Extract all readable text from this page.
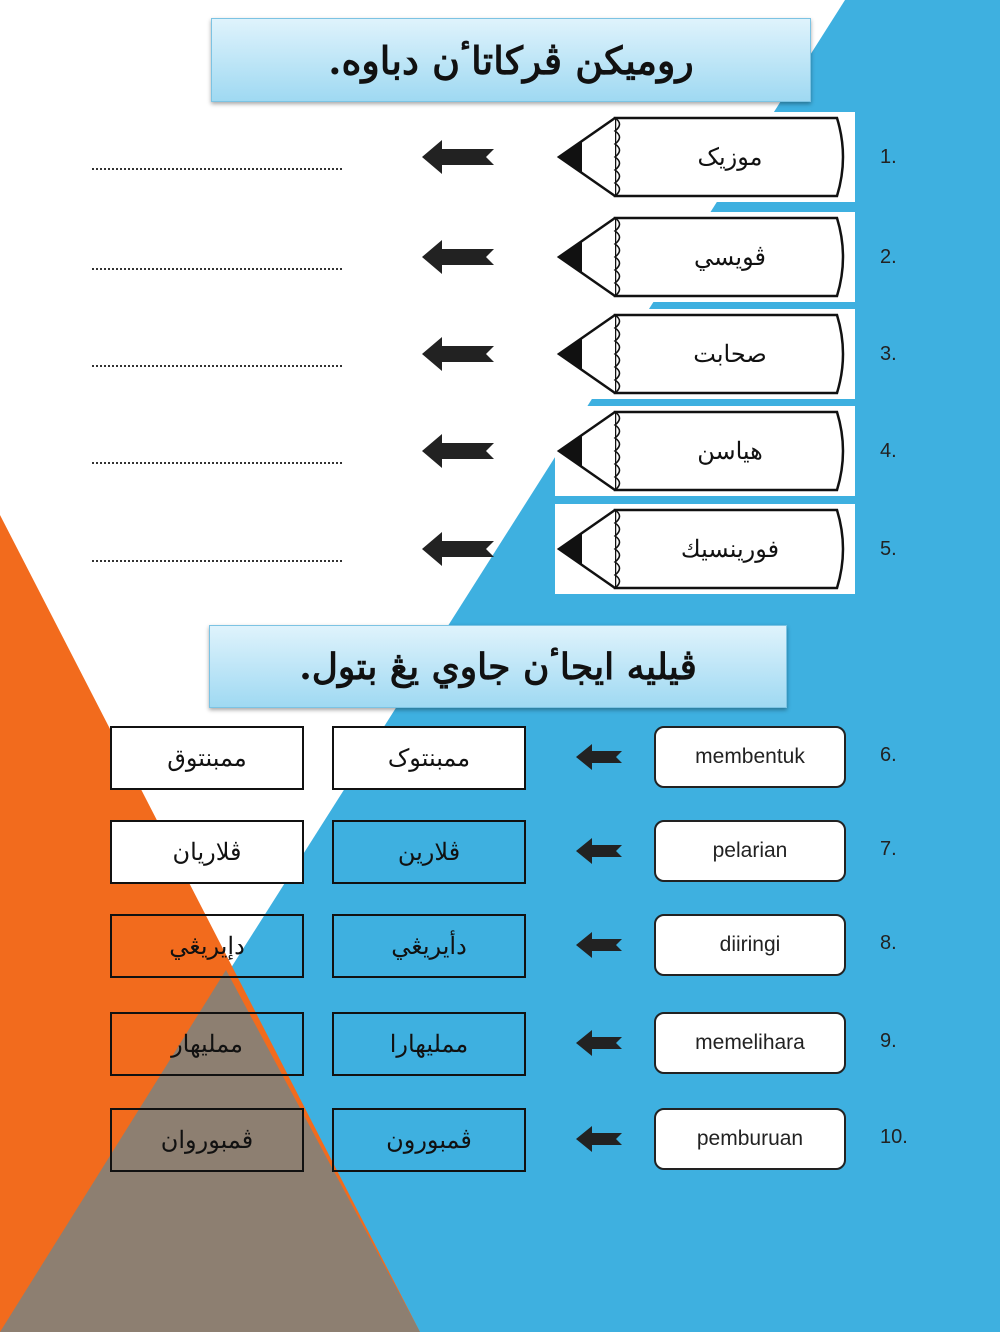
رومیکن ڤرکاتاٴن دباوه.
1.
موزیک
2.
ڤویسي
3.
صحابت
4.
هیاسن
5.
فورینسیك
ڤيليه ايجاٴن جاوي يڠ بتول.
6.
membentuk
ممبنتوک
ممبنتوق
7.
pelarian
ڤلارين
ڤلاريان
8.
diiringi
دأيريڠي
دإيريڠي
9.
memelihara
مملیهارا
مملیهار
10.
pemburuan
ڤمبورون
ڤمبوروان
